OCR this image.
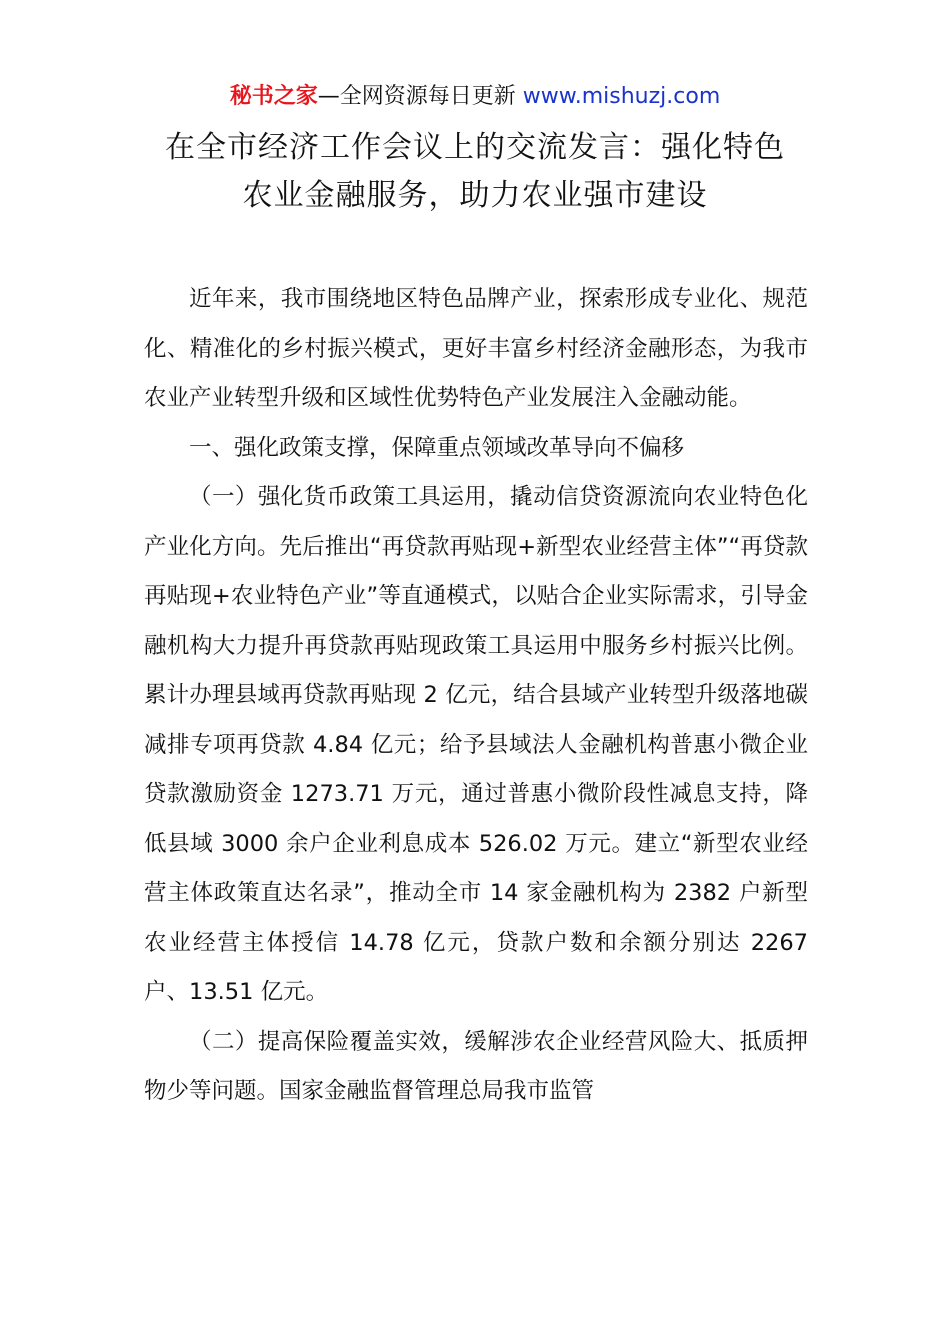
秘书之家—全网资源每日更新 www.mishuzj.com
在全市经济工作会议上的交流发言：强化特色
农业金融服务，助力农业强市建设

近年来，我市围绕地区特色品牌产业，探索形成专业化、规范化、精准化的乡村振兴模式，更好丰富乡村经济金融形态，为我市农业产业转型升级和区域性优势特色产业发展注入金融动能。

一、强化政策支撑，保障重点领域改革导向不偏移

（一）强化货币政策工具运用，撬动信贷资源流向农业特色化产业化方向。先后推出“再贷款再贴现+新型农业经营主体”“再贷款再贴现+农业特色产业”等直通模式，以贴合企业实际需求，引导金融机构大力提升再贷款再贴现政策工具运用中服务乡村振兴比例。累计办理县域再贷款再贴现 2 亿元，结合县域产业转型升级落地碳减排专项再贷款 4.84 亿元；给予县域法人金融机构普惠小微企业贷款激励资金 1273.71 万元，通过普惠小微阶段性减息支持，降低县域 3000 余户企业利息成本 526.02 万元。建立“新型农业经营主体政策直达名录”，推动全市 14 家金融机构为 2382 户新型农业经营主体授信 14.78 亿元，贷款户数和余额分别达 2267 户、13.51 亿元。

（二）提高保险覆盖实效，缓解涉农企业经营风险大、抵质押物少等问题。国家金融监督管理总局我市监管
